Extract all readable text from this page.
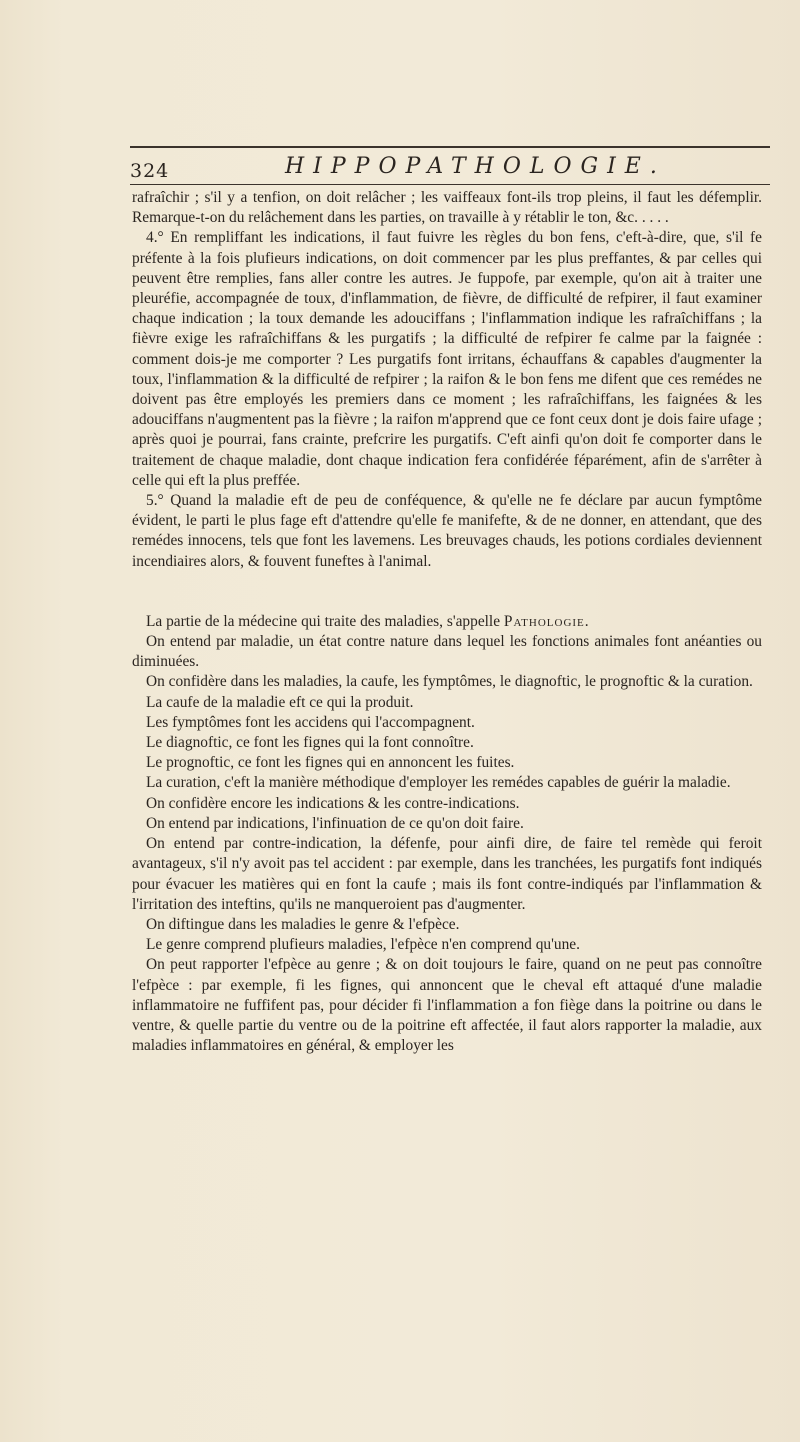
324	HIPPOPATHOLOGIE.

rafraîchir ; s'il y a tenfion, on doit relâcher ; les vaiffeaux font-ils trop pleins, il faut les défemplir. Remarque-t-on du relâchement dans les parties, on travaille à y rétablir le ton, &c. . . . .

4.° En rempliffant les indications, il faut fuivre les règles du bon fens, c'eft-à-dire, que, s'il fe préfente à la fois plufieurs indications, on doit commencer par les plus preffantes, & par celles qui peuvent être remplies, fans aller contre les autres. Je fuppofe, par exemple, qu'on ait à traiter une pleuréfie, accompagnée de toux, d'inflammation, de fièvre, de difficulté de refpirer, il faut examiner chaque indication ; la toux demande les adouciffans ; l'inflammation indique les rafraîchiffans ; la fièvre exige les rafraîchiffans & les purgatifs ; la difficulté de refpirer fe calme par la faignée : comment dois-je me comporter ? Les purgatifs font irritans, échauffans & capables d'augmenter la toux, l'inflammation & la difficulté de refpirer ; la raifon & le bon fens me difent que ces remédes ne doivent pas être employés les premiers dans ce moment ; les rafraîchiffans, les faignées & les adouciffans n'augmentent pas la fièvre ; la raifon m'apprend que ce font ceux dont je dois faire ufage ; après quoi je pourrai, fans crainte, prefcrire les purgatifs. C'eft ainfi qu'on doit fe comporter dans le traitement de chaque maladie, dont chaque indication fera confidérée féparément, afin de s'arrêter à celle qui eft la plus preffée.

5.° Quand la maladie eft de peu de conféquence, & qu'elle ne fe déclare par aucun fymptôme évident, le parti le plus fage eft d'attendre qu'elle fe manifefte, & de ne donner, en attendant, que des remédes innocens, tels que font les lavemens. Les breuvages chauds, les potions cordiales deviennent incendiaires alors, & fouvent funeftes à l'animal.

La partie de la médecine qui traite des maladies, s'appelle Pathologie.

On entend par maladie, un état contre nature dans lequel les fonctions animales font anéanties ou diminuées.

On confidère dans les maladies, la caufe, les fymptômes, le diagnoftic, le prognoftic & la curation.

La caufe de la maladie eft ce qui la produit.

Les fymptômes font les accidens qui l'accompagnent.

Le diagnoftic, ce font les fignes qui la font connoître.

Le prognoftic, ce font les fignes qui en annoncent les fuites.

La curation, c'eft la manière méthodique d'employer les remédes capables de guérir la maladie.

On confidère encore les indications & les contre-indications.

On entend par indications, l'infinuation de ce qu'on doit faire.

On entend par contre-indication, la défenfe, pour ainfi dire, de faire tel remède qui feroit avantageux, s'il n'y avoit pas tel accident : par exemple, dans les tranchées, les purgatifs font indiqués pour évacuer les matières qui en font la caufe ; mais ils font contre-indiqués par l'inflammation & l'irritation des inteftins, qu'ils ne manqueroient pas d'augmenter.

On diftingue dans les maladies le genre & l'efpèce.

Le genre comprend plufieurs maladies, l'efpèce n'en comprend qu'une.

On peut rapporter l'efpèce au genre ; & on doit toujours le faire, quand on ne peut pas connoître l'efpèce : par exemple, fi les fignes, qui annoncent que le cheval eft attaqué d'une maladie inflammatoire ne fuffifent pas, pour décider fi l'inflammation a fon fiège dans la poitrine ou dans le ventre, & quelle partie du ventre ou de la poitrine eft affectée, il faut alors rapporter la maladie, aux maladies inflammatoires en général, & employer les
